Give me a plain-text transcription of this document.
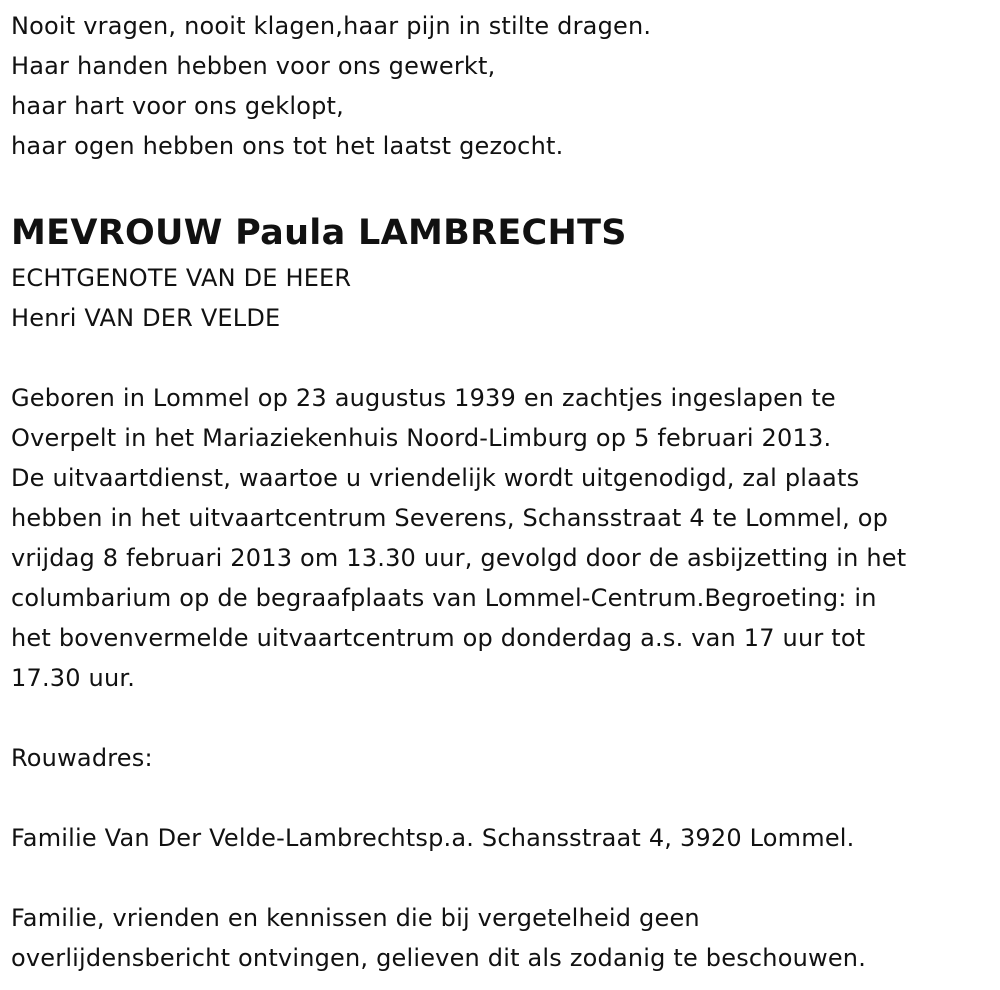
Nooit vragen, nooit klagen,haar pijn in stilte dragen.
Haar handen hebben voor ons gewerkt,
haar hart voor ons geklopt,
haar ogen hebben ons tot het laatst gezocht.
MEVROUW Paula LAMBRECHTS
ECHTGENOTE VAN DE HEER
Henri VAN DER VELDE
Geboren in Lommel op 23 augustus 1939 en zachtjes ingeslapen te
Overpelt in het Mariaziekenhuis Noord-Limburg op 5 februari 2013.
De uitvaartdienst, waartoe u vriendelijk wordt uitgenodigd, zal plaats
hebben in het uitvaartcentrum Severens, Schansstraat 4 te Lommel, op
vrijdag 8 februari 2013 om 13.30 uur, gevolgd door de asbijzetting in het
columbarium op de begraafplaats van Lommel-Centrum.Begroeting: in
het bovenvermelde uitvaartcentrum op donderdag a.s. van 17 uur tot
17.30 uur.
Rouwadres:
Familie Van Der Velde-Lambrechtsp.a. Schansstraat 4, 3920 Lommel.
Familie, vrienden en kennissen die bij vergetelheid geen
overlijdensbericht ontvingen, gelieven dit als zodanig te beschouwen.
